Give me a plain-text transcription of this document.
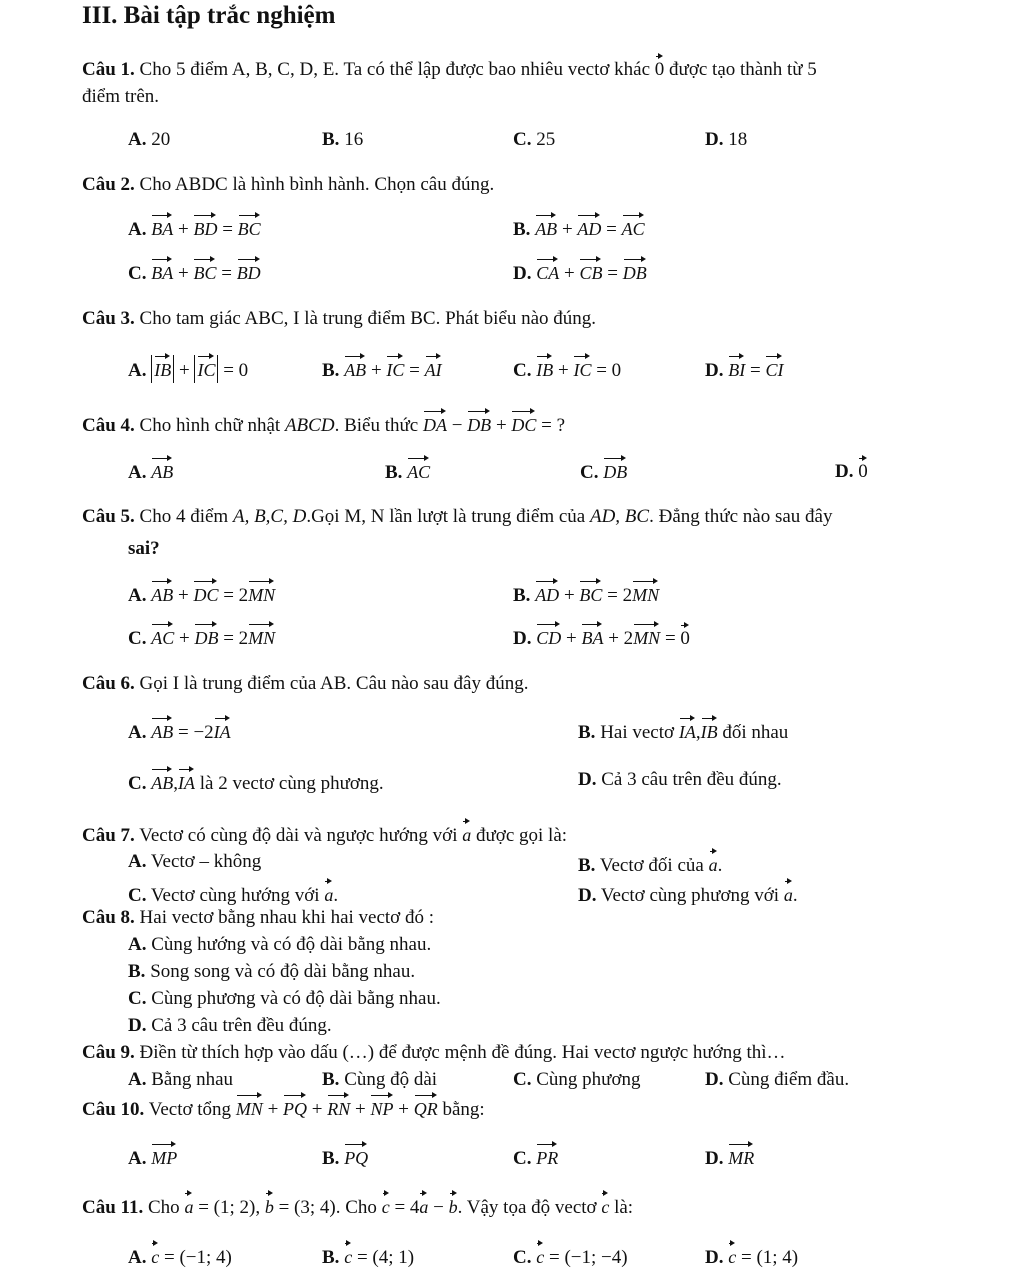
III. Bài tập trắc nghiệm
Câu 1. Cho 5 điểm A, B, C, D, E. Ta có thể lập được bao nhiêu vectơ khác 0 được tạo thành từ 5
điểm trên.
A. 20	B. 16	C. 25	D. 18
Câu 2. Cho ABDC là hình bình hành. Chọn câu đúng.
A. BA + BD = BC	B. AB + AD = AC
C. BA + BC = BD	D. CA + CB = DB
Câu 3. Cho tam giác ABC, I là trung điểm BC. Phát biểu nào đúng.
A. IB + IC = 0	B. AB + IC = AI	C. IB + IC = 0	D. BI = CI
Câu 4. Cho hình chữ nhật ABCD. Biểu thức DA − DB + DC = ?
A. AB	B. AC	C. DB	D. 0
Câu 5. Cho 4 điểm A, B,C, D.Gọi M, N lần lượt là trung điểm của AD, BC. Đẳng thức nào sau đây
sai?
A. AB + DC = 2MN	B. AD + BC = 2MN
C. AC + DB = 2MN	D. CD + BA + 2MN = 0
Câu 6. Gọi I là trung điểm của AB. Câu nào sau đây đúng.
A. AB = −2IA	B. Hai vectơ IA,IB đối nhau
C. AB,IA là 2 vectơ cùng phương.	D. Cả 3 câu trên đều đúng.
Câu 7. Vectơ có cùng độ dài và ngược hướng với a được gọi là:
A. Vectơ – không	B. Vectơ đối của a.
C. Vectơ cùng hướng với a.	D. Vectơ cùng phương với a.
Câu 8. Hai vectơ bằng nhau khi hai vectơ đó :
A. Cùng hướng và có độ dài bằng nhau.
B. Song song và có độ dài bằng nhau.
C. Cùng phương và có độ dài bằng nhau.
D. Cả 3 câu trên đều đúng.
Câu 9. Điền từ thích hợp vào dấu (…) để được mệnh đề đúng. Hai vectơ ngược hướng thì…
A. Bằng nhau	B. Cùng độ dài	C. Cùng phương	D. Cùng điểm đầu.
Câu 10. Vectơ tổng MN + PQ + RN + NP + QR bằng:
A. MP	B. PQ	C. PR	D. MR
Câu 11. Cho a = (1; 2), b = (3; 4). Cho c = 4a − b. Vậy tọa độ vectơ c là:
A. c = (−1; 4)	B. c = (4; 1)	C. c = (−1; −4)	D. c = (1; 4)
